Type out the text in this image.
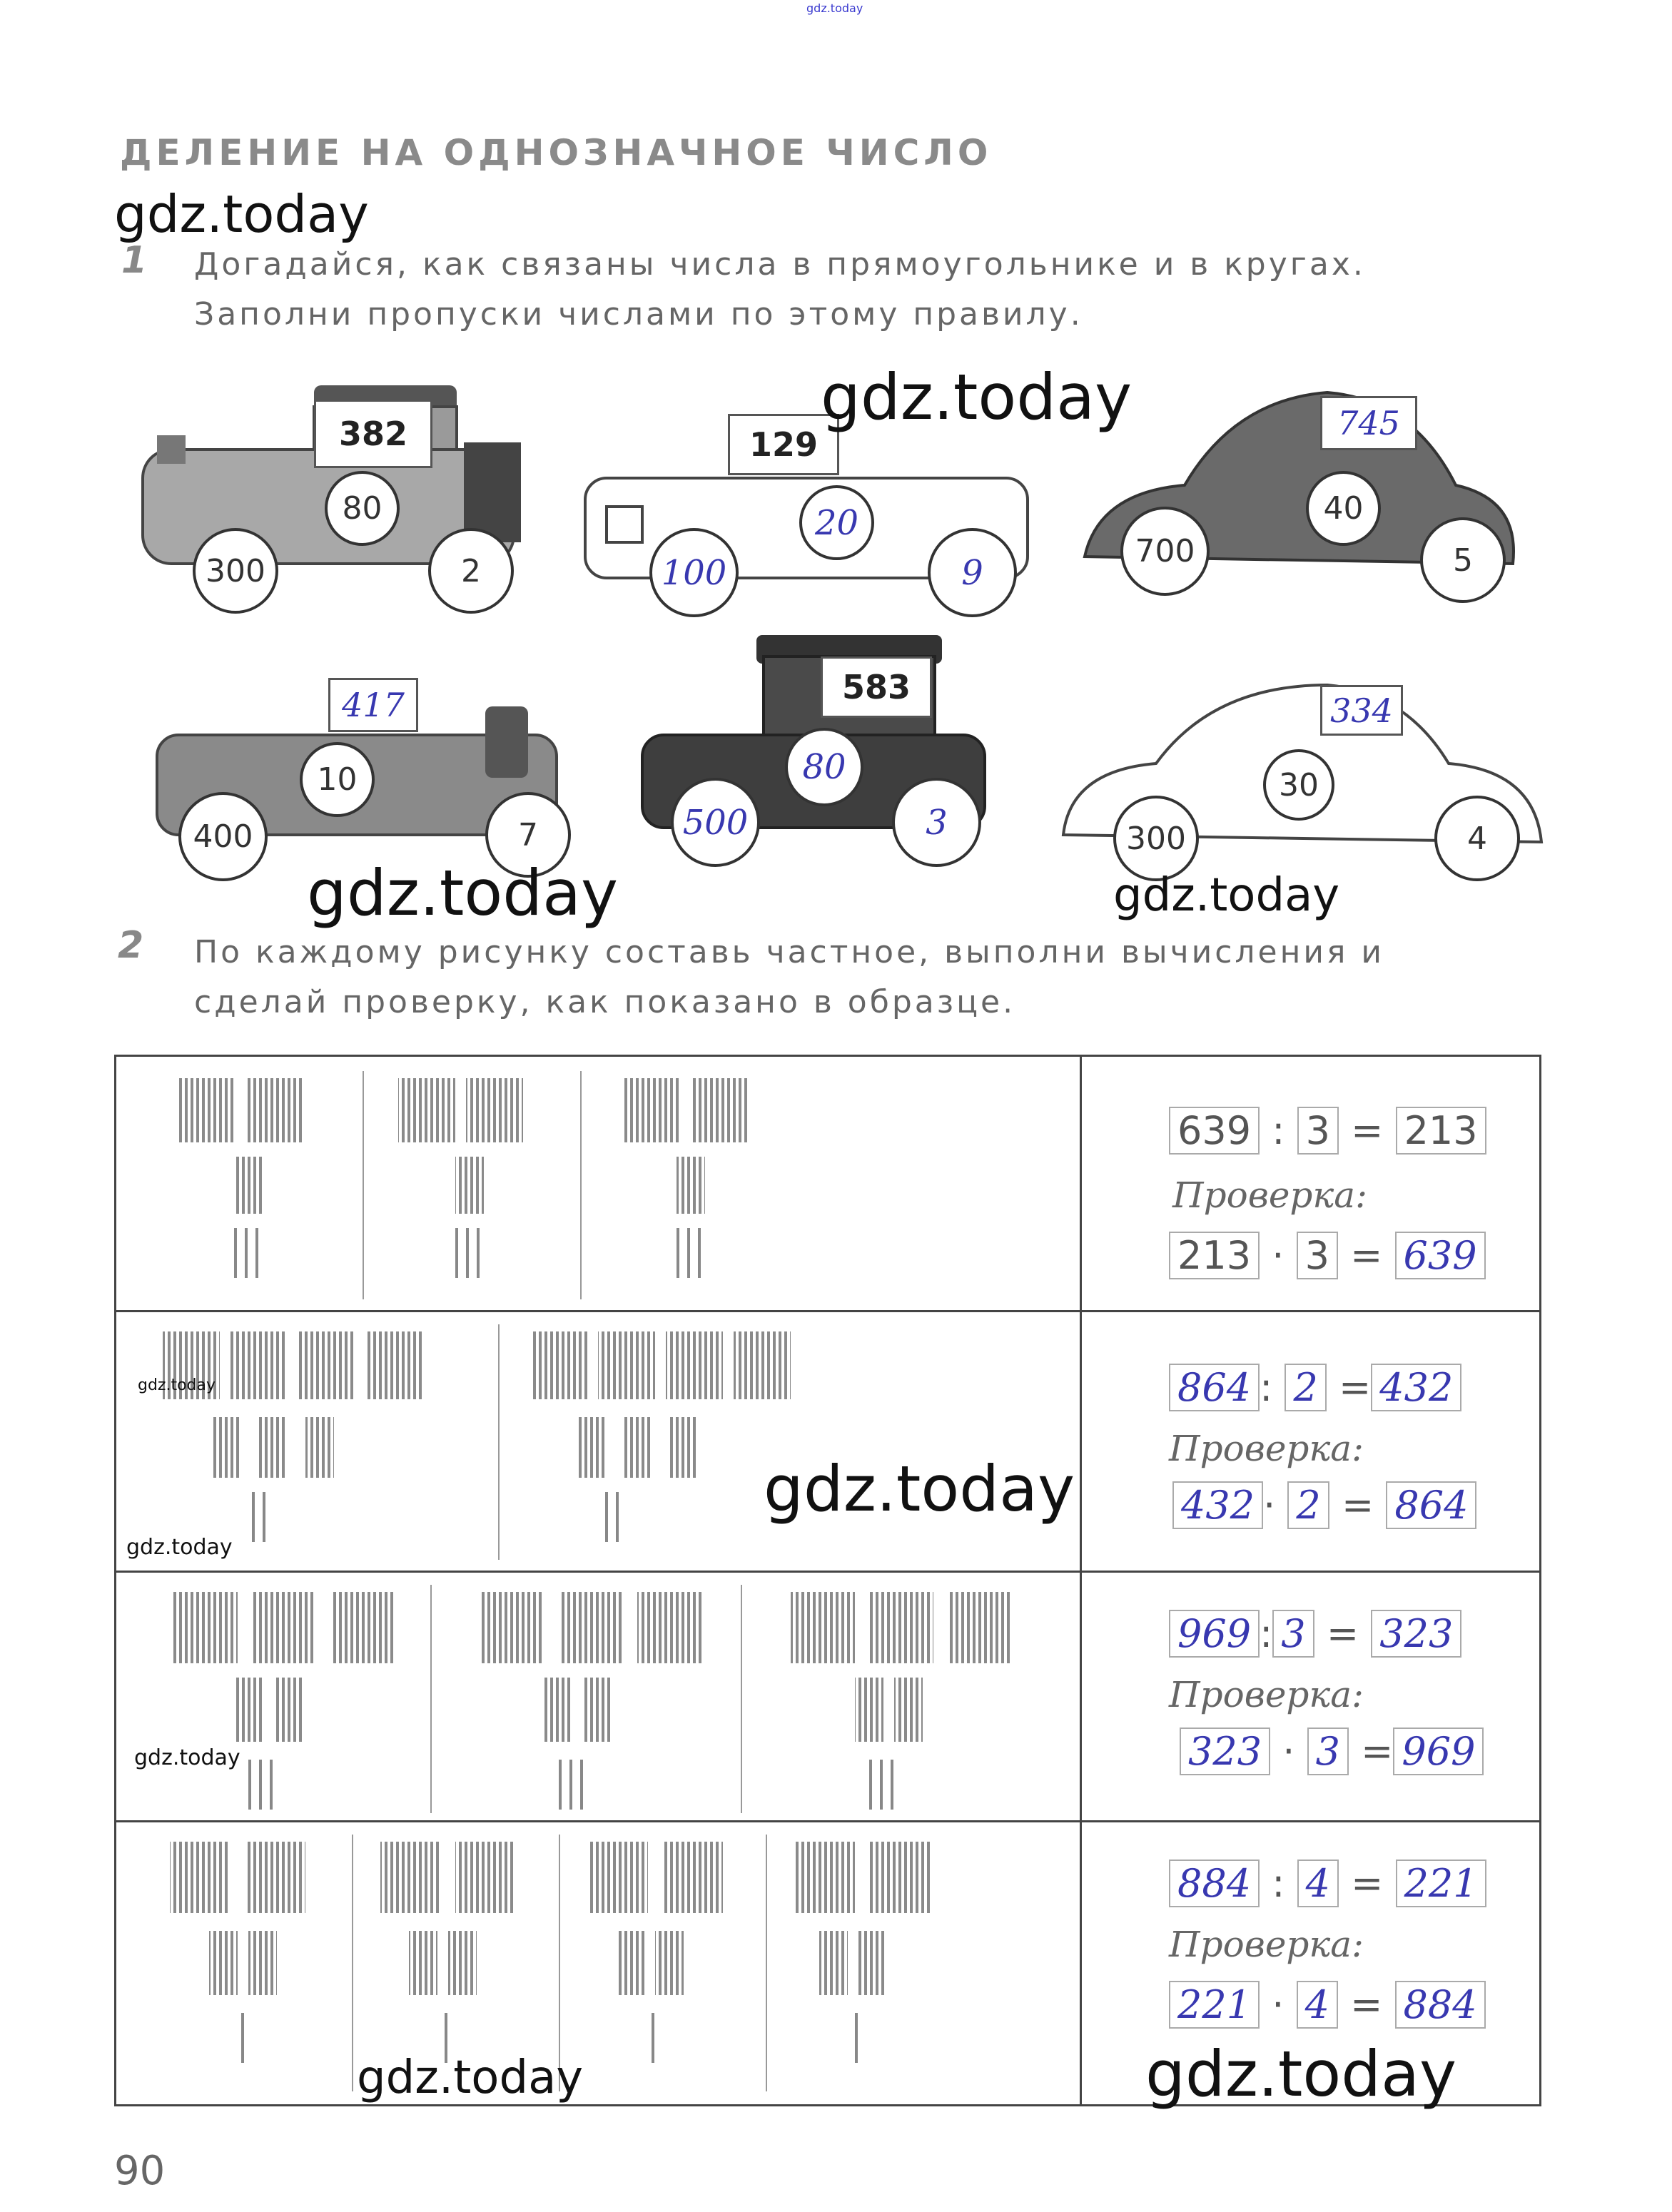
gdz.today
ДЕЛЕНИЕ НА ОДНОЗНАЧНОЕ ЧИСЛО
gdz.today
1 Догадайся, как связаны числа в прямоугольнике и в кругах.
Заполни пропуски числами по этому правилу.
382
80
300	2
129
20
100	9
gdz.today	745
40
700	5
417
10
400	7
583
80
500	3
334
30
300	4
gdz.today	gdz.today
2 По каждому рисунку составь частное, выполни вычисления и
сделай проверку, как показано в образце.
639 : 3 = 213
Проверка:
213 · 3 = 639
864 : 2 = 432
Проверка:
432 · 2 = 864
969 : 3 = 323
Проверка:
323 · 3 = 969
884 : 4 = 221
Проверка:
221 · 4 = 884
gdz.today
gdz.today
gdz.today
gdz.today
gdz.today	gdz.today
90
